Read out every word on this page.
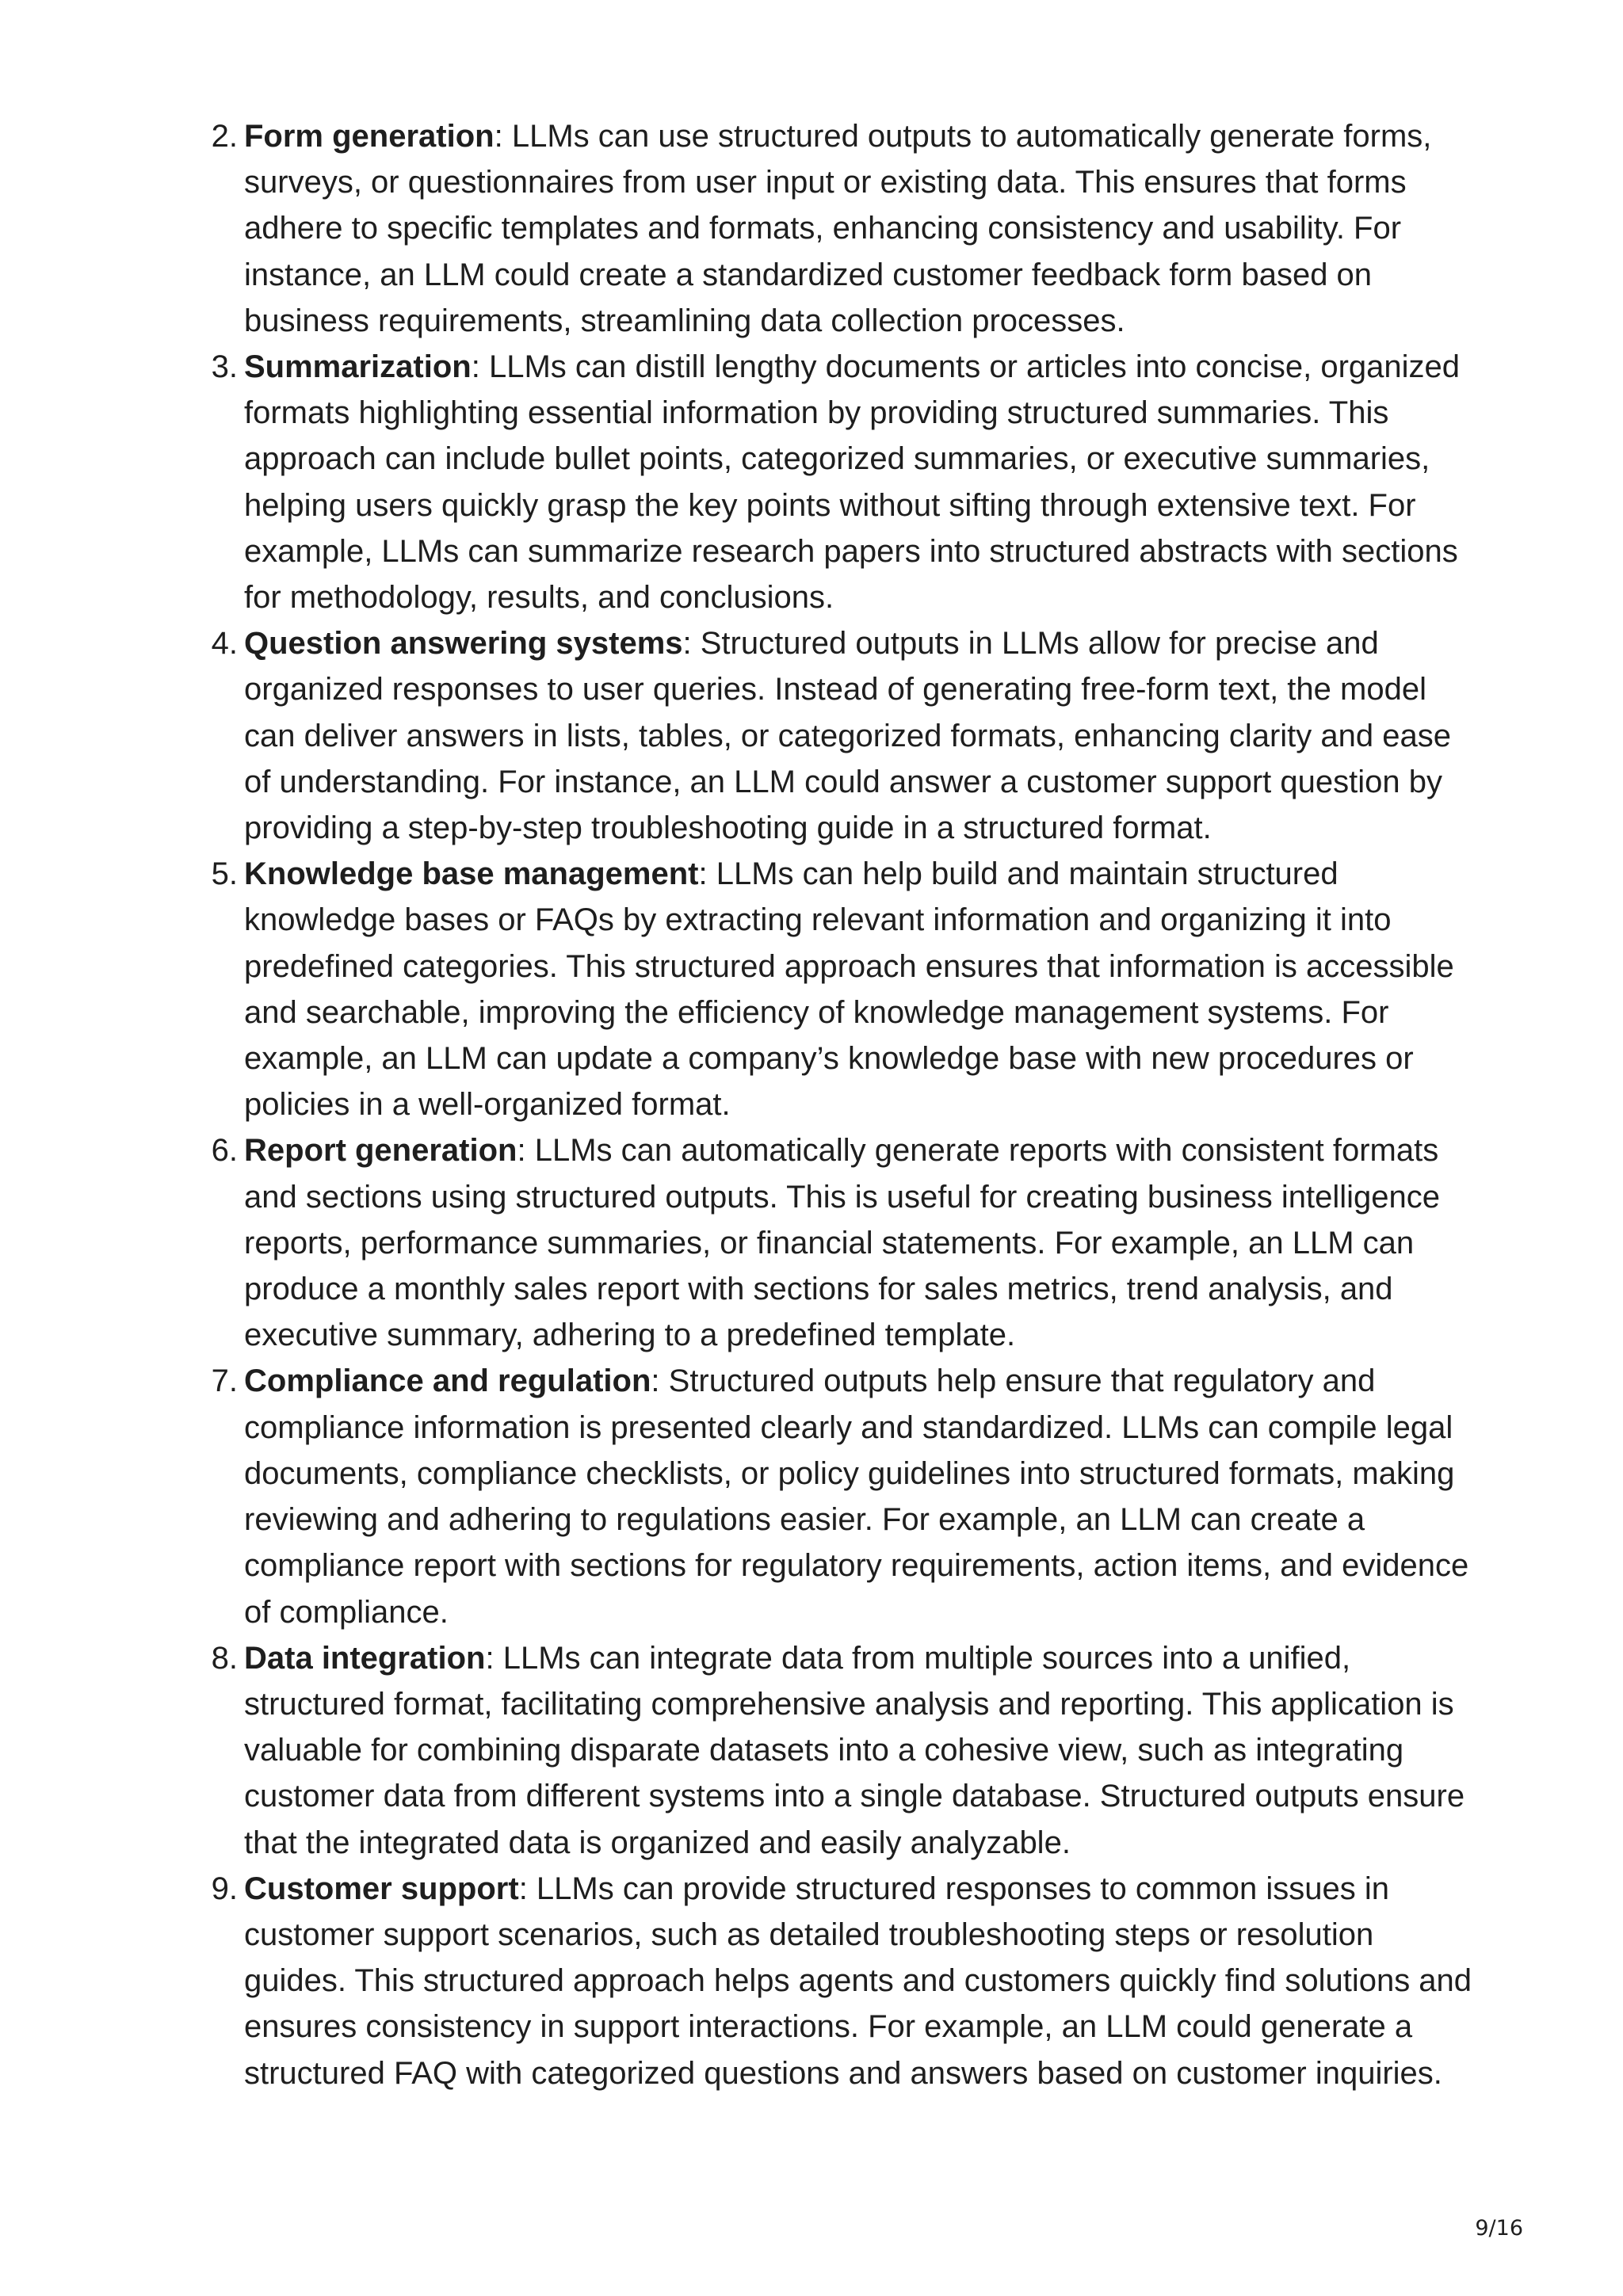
2. Form generation: LLMs can use structured outputs to automatically generate forms, surveys, or questionnaires from user input or existing data. This ensures that forms adhere to specific templates and formats, enhancing consistency and usability. For instance, an LLM could create a standardized customer feedback form based on business requirements, streamlining data collection processes.
3. Summarization: LLMs can distill lengthy documents or articles into concise, organized formats highlighting essential information by providing structured summaries. This approach can include bullet points, categorized summaries, or executive summaries, helping users quickly grasp the key points without sifting through extensive text. For example, LLMs can summarize research papers into structured abstracts with sections for methodology, results, and conclusions.
4. Question answering systems: Structured outputs in LLMs allow for precise and organized responses to user queries. Instead of generating free-form text, the model can deliver answers in lists, tables, or categorized formats, enhancing clarity and ease of understanding. For instance, an LLM could answer a customer support question by providing a step-by-step troubleshooting guide in a structured format.
5. Knowledge base management: LLMs can help build and maintain structured knowledge bases or FAQs by extracting relevant information and organizing it into predefined categories. This structured approach ensures that information is accessible and searchable, improving the efficiency of knowledge management systems. For example, an LLM can update a company’s knowledge base with new procedures or policies in a well-organized format.
6. Report generation: LLMs can automatically generate reports with consistent formats and sections using structured outputs. This is useful for creating business intelligence reports, performance summaries, or financial statements. For example, an LLM can produce a monthly sales report with sections for sales metrics, trend analysis, and executive summary, adhering to a predefined template.
7. Compliance and regulation: Structured outputs help ensure that regulatory and compliance information is presented clearly and standardized. LLMs can compile legal documents, compliance checklists, or policy guidelines into structured formats, making reviewing and adhering to regulations easier. For example, an LLM can create a compliance report with sections for regulatory requirements, action items, and evidence of compliance.
8. Data integration: LLMs can integrate data from multiple sources into a unified, structured format, facilitating comprehensive analysis and reporting. This application is valuable for combining disparate datasets into a cohesive view, such as integrating customer data from different systems into a single database. Structured outputs ensure that the integrated data is organized and easily analyzable.
9. Customer support: LLMs can provide structured responses to common issues in customer support scenarios, such as detailed troubleshooting steps or resolution guides. This structured approach helps agents and customers quickly find solutions and ensures consistency in support interactions. For example, an LLM could generate a structured FAQ with categorized questions and answers based on customer inquiries.
9/16
